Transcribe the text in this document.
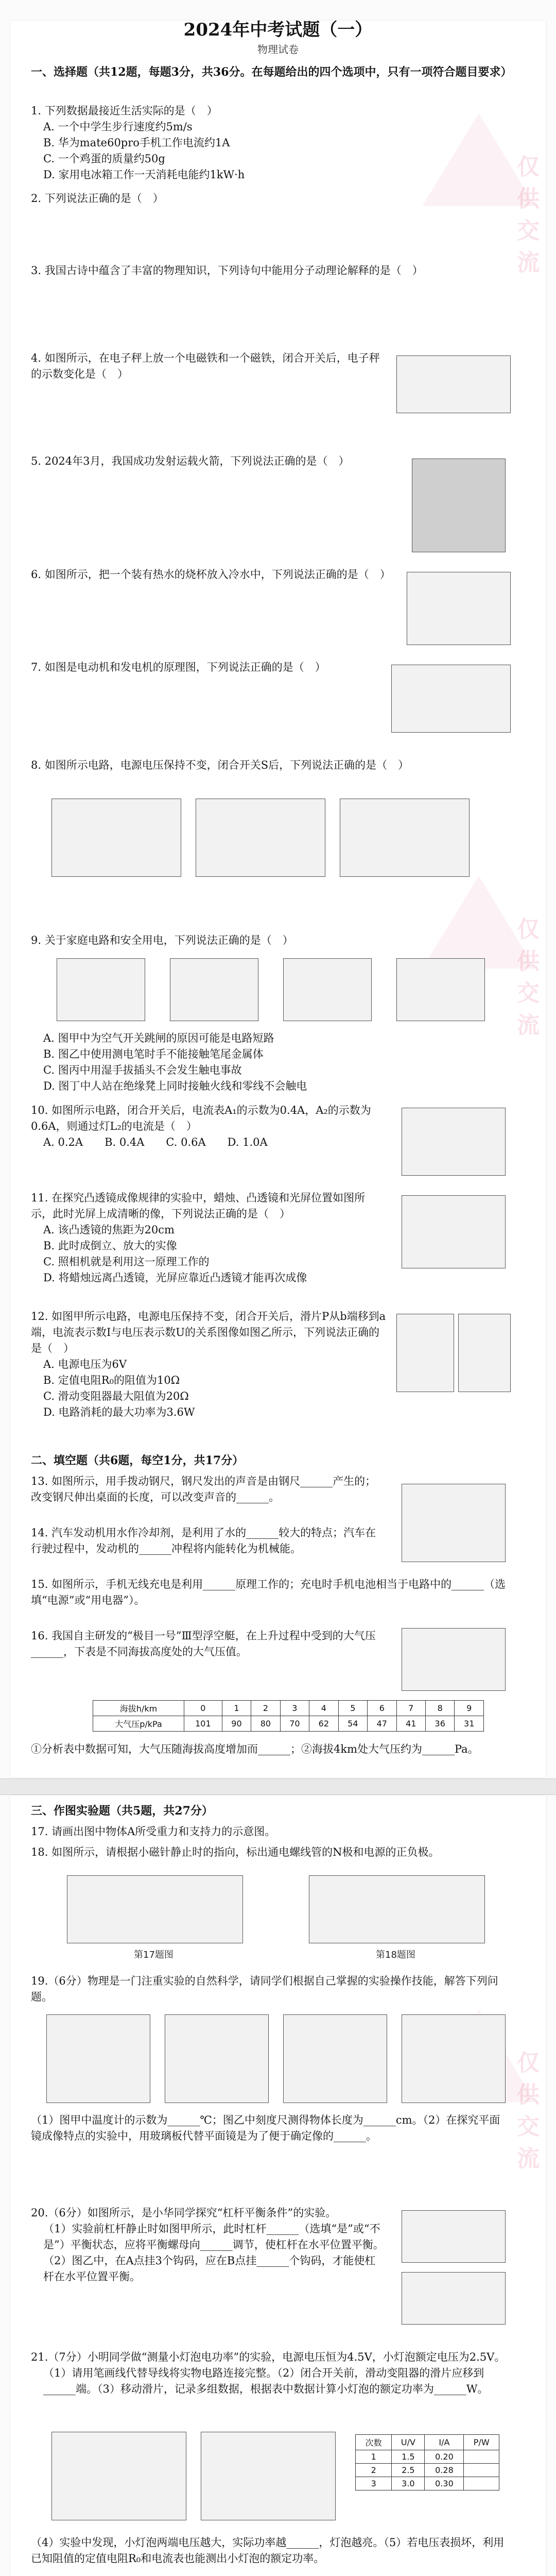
仅供交流
仅供交流
仅供交流
2024年中考试题（一）
物理试卷
一、选择题（共12题，每题3分，共36分。在每题给出的四个选项中，只有一项符合题目要求）
1. 下列数据最接近生活实际的是（　）
A. 一个中学生步行速度约5m/s
B. 华为mate60pro手机工作电流约1A
C. 一个鸡蛋的质量约50g
D. 家用电冰箱工作一天消耗电能约1kW·h
2. 下列说法正确的是（　）
3. 我国古诗中蕴含了丰富的物理知识，下列诗句中能用分子动理论解释的是（　）
4. 如图所示，在电子秤上放一个电磁铁和一个磁铁，闭合开关后，电子秤的示数变化是（　）
5. 2024年3月，我国成功发射运载火箭，下列说法正确的是（　）
6. 如图所示，把一个装有热水的烧杯放入冷水中，下列说法正确的是（　）
7. 如图是电动机和发电机的原理图，下列说法正确的是（　）
8. 如图所示电路，电源电压保持不变，闭合开关S后，下列说法正确的是（　）
9. 关于家庭电路和安全用电，下列说法正确的是（　）
A. 图甲中为空气开关跳闸的原因可能是电路短路
B. 图乙中使用测电笔时手不能接触笔尾金属体
C. 图丙中用湿手拔插头不会发生触电事故
D. 图丁中人站在绝缘凳上同时接触火线和零线不会触电
10. 如图所示电路，闭合开关后，电流表A₁的示数为0.4A，A₂的示数为0.6A，则通过灯L₂的电流是（　）
A. 0.2A　　B. 0.4A　　C. 0.6A　　D. 1.0A
11. 在探究凸透镜成像规律的实验中，蜡烛、凸透镜和光屏位置如图所示，此时光屏上成清晰的像，下列说法正确的是（　）
A. 该凸透镜的焦距为20cm
B. 此时成倒立、放大的实像
C. 照相机就是利用这一原理工作的
D. 将蜡烛远离凸透镜，光屏应靠近凸透镜才能再次成像
12. 如图甲所示电路，电源电压保持不变，闭合开关后，滑片P从b端移到a端，电流表示数I与电压表示数U的关系图像如图乙所示，下列说法正确的是（　）
A. 电源电压为6V
B. 定值电阻R₀的阻值为10Ω
C. 滑动变阻器最大阻值为20Ω
D. 电路消耗的最大功率为3.6W
二、填空题（共6题，每空1分，共17分）
13. 如图所示，用手拨动钢尺，钢尺发出的声音是由钢尺______产生的；改变钢尺伸出桌面的长度，可以改变声音的______。
14. 汽车发动机用水作冷却剂，是利用了水的______较大的特点；汽车在行驶过程中，发动机的______冲程将内能转化为机械能。
15. 如图所示，手机无线充电是利用______原理工作的；充电时手机电池相当于电路中的______（选填“电源”或“用电器”）。
16. 我国自主研发的“极目一号”Ⅲ型浮空艇，在上升过程中受到的大气压______，下表是不同海拔高度处的大气压值。
海拔h/km	0	1	2	3	4	5	6	7	8	9
大气压p/kPa	101	90	80	70	62	54	47	41	36	31
①分析表中数据可知，大气压随海拔高度增加而______；②海拔4km处大气压约为______Pa。
三、作图实验题（共5题，共27分）
17. 请画出图中物体A所受重力和支持力的示意图。
18. 如图所示，请根据小磁针静止时的指向，标出通电螺线管的N极和电源的正负极。
第17题图	第18题图
19.（6分）物理是一门注重实验的自然科学，请同学们根据自己掌握的实验操作技能，解答下列问题。
（1）图甲中温度计的示数为______℃；图乙中刻度尺测得物体长度为______cm。（2）在探究平面镜成像特点的实验中，用玻璃板代替平面镜是为了便于确定像的______。
20.（6分）如图所示，是小华同学探究“杠杆平衡条件”的实验。
（1）实验前杠杆静止时如图甲所示，此时杠杆______（选填“是”或“不是”）平衡状态，应将平衡螺母向______调节，使杠杆在水平位置平衡。（2）图乙中，在A点挂3个钩码，应在B点挂______个钩码，才能使杠杆在水平位置平衡。
21.（7分）小明同学做“测量小灯泡电功率”的实验，电源电压恒为4.5V，小灯泡额定电压为2.5V。
（1）请用笔画线代替导线将实物电路连接完整。（2）闭合开关前，滑动变阻器的滑片应移到______端。（3）移动滑片，记录多组数据，根据表中数据计算小灯泡的额定功率为______W。
次数	U/V	I/A	P/W
1	1.5	0.20	
2	2.5	0.28	
3	3.0	0.30	
（4）实验中发现，小灯泡两端电压越大，实际功率越______，灯泡越亮。（5）若电压表损坏，利用已知阻值的定值电阻R₀和电流表也能测出小灯泡的额定功率。
